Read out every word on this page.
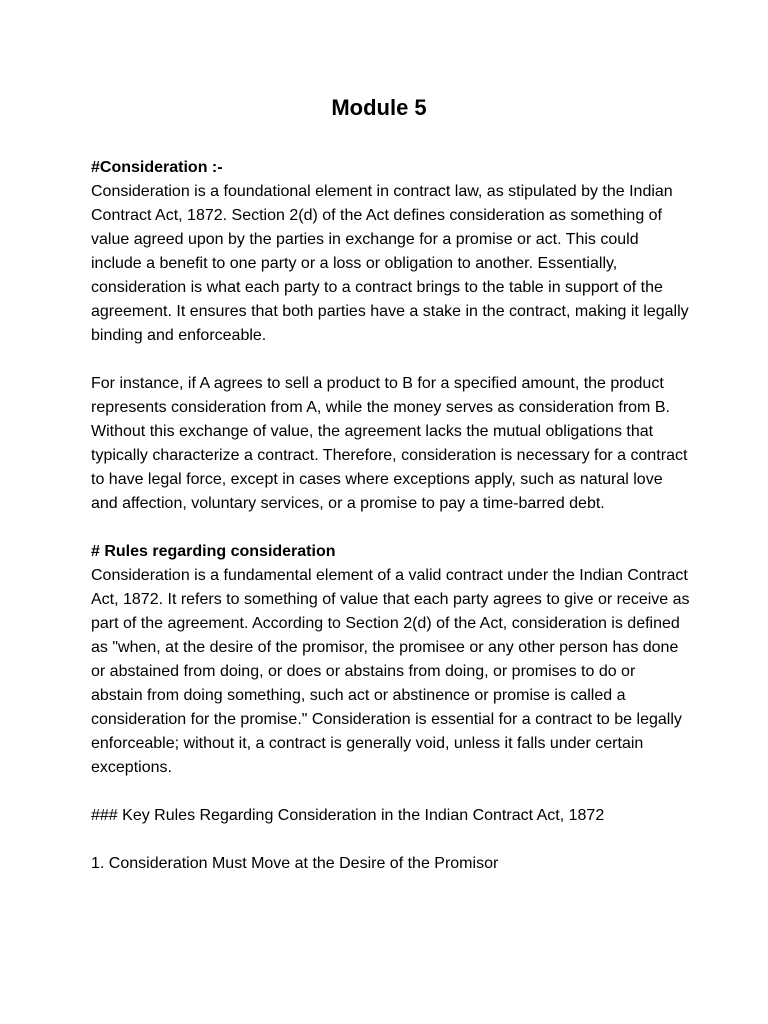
Module 5
#Consideration :-

Consideration is a foundational element in contract law, as stipulated by the Indian Contract Act, 1872. Section 2(d) of the Act defines consideration as something of value agreed upon by the parties in exchange for a promise or act. This could include a benefit to one party or a loss or obligation to another. Essentially, consideration is what each party to a contract brings to the table in support of the agreement. It ensures that both parties have a stake in the contract, making it legally binding and enforceable.

For instance, if A agrees to sell a product to B for a specified amount, the product represents consideration from A, while the money serves as consideration from B. Without this exchange of value, the agreement lacks the mutual obligations that typically characterize a contract. Therefore, consideration is necessary for a contract to have legal force, except in cases where exceptions apply, such as natural love and affection, voluntary services, or a promise to pay a time-barred debt.

# Rules regarding consideration

Consideration is a fundamental element of a valid contract under the Indian Contract Act, 1872. It refers to something of value that each party agrees to give or receive as part of the agreement. According to Section 2(d) of the Act, consideration is defined as "when, at the desire of the promisor, the promisee or any other person has done or abstained from doing, or does or abstains from doing, or promises to do or abstain from doing something, such act or abstinence or promise is called a consideration for the promise." Consideration is essential for a contract to be legally enforceable; without it, a contract is generally void, unless it falls under certain exceptions.

### Key Rules Regarding Consideration in the Indian Contract Act, 1872

1. Consideration Must Move at the Desire of the Promisor
